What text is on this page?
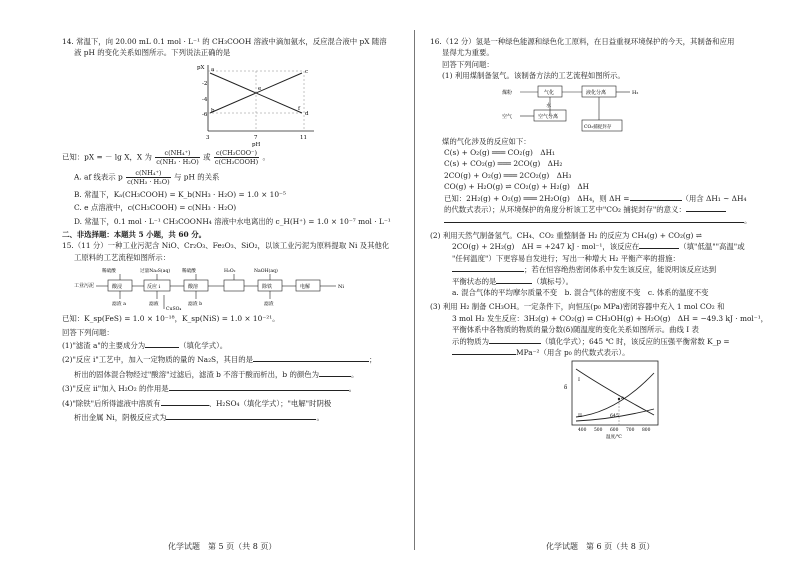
14. 常温下，向 20.00 mL 0.1 mol · L⁻¹ 的 CH₃COOH 溶液中滴加氨水，反应混合液中 pX 随溶
液 pH 的变化关系如图所示。下列说法正确的是
-2
-4
-6
a
b
c
d
e
f
3	7	11
pH
pX
已知：pX = － lg X，X 为 $\frac{\text{c(NH₄⁺)}}{\text{c(NH₃ · H₂O)}}$ 或 $\frac{\text{c(CH₃COO⁻)}}{\text{c(CH₃COOH)}}$ 。
A. af 线表示 p $\frac{\text{c(NH₄⁺)}}{\text{c(NH₃ · H₂O)}}$ 与 pH 的关系
B. 常温下，Kₐ(CH₃COOH) = K_b(NH₃ · H₂O) = 1.0 × 10⁻⁵
C. e 点溶液中，c(CH₃COOH) = c(NH₃ · H₂O)
D. 常温下，0.1 mol · L⁻¹ CH₃COONH₄ 溶液中水电离出的 c_H(H⁺) = 1.0 × 10⁻⁷ mol · L⁻¹
二、非选择题：本题共 5 小题，共 60 分。
15.（11 分）一种工业污泥含 NiO、Cr₂O₃、Fe₂O₃、SiO₂，以该工业污泥为原料提取 Ni 及其他化
工原料的工艺流程如图所示：
工业污泥	酸浸
稀硫酸
滤渣 a
反应 i
过量Na₂S(aq)
滤液
酸溶
稀硫酸
滤渣 b
CuSO₄
H₂O₂
除铁
NaOH(aq)
滤渣
电解	Ni
已知：K_sp(FeS) = 1.0 × 10⁻¹⁸，K_sp(NiS) = 1.0 × 10⁻²¹。
回答下列问题：
(1)"滤渣 a"的主要成分为	（填化学式）。
(2)"反应 i"工艺中，加入一定物质的量的 Na₂S，其目的是	；
析出的固体混合物经过"酸溶"过滤后，滤渣 b 不溶于酸而析出，b 的颜色为	。
(3)"反应 ii"加入 H₂O₂ 的作用是	。
(4)"除铁"后所得滤液中溶质有	、H₂SO₄（填化学式）；"电解"时阴极
析出金属 Ni，阴极反应式为	。
化学试题　第 5 页（共 8 页）
16.（12 分）氢是一种绿色能源和绿色化工原料，在日益重视环境保护的今天，其制备和应用
显得尤为重要。
回答下列问题：
(1) 利用煤制备氢气。该制备方法的工艺流程如图所示。
煤粉	气化	液化分离	H₂
水
空气	空气分离
CO₂捕捉封存
煤的气化涉及的反应如下：
C(s) + O₂(g) ═══ CO₂(g)　ΔH₁
C(s) + CO₂(g) ═══ 2CO(g)　ΔH₂
2CO(g) + O₂(g) ═══ 2CO₂(g)　ΔH₃
CO(g) + H₂O(g) ⇌ CO₂(g) + H₂(g)　ΔH
已知：2H₂(g) + O₂(g) ═══ 2H₂O(g)　ΔH₄，则 ΔH =	（用含 ΔH₁ ~ ΔH₄
的代数式表示）；从环境保护的角度分析该工艺中"CO₂ 捕捉封存"的意义：
。
(2) 利用天然气制备氢气。CH₄、CO₂ 重整制备 H₂ 的反应为 CH₄(g) + CO₂(g) ⇌
2CO(g) + 2H₂(g)　ΔH = +247 kJ · mol⁻¹，该反应在	（填"低温""高温"或
"任何温度"）下更容易自发进行；写出一种增大 H₂ 平衡产率的措施：
；若在恒容绝热密闭体系中发生该反应，能说明该反应达到
平衡状态的是	（填标号）。
a. 混合气体的平均摩尔质量不变　b. 混合气体的密度不变　c. 体系的温度不变
(3) 利用 H₂ 制备 CH₃OH。一定条件下，向恒压(p₀ MPa)密闭容器中充入 1 mol CO₂ 和
3 mol H₂ 发生反应：3H₂(g) + CO₂(g) ⇌ CH₃OH(g) + H₂O(g)　ΔH = −49.3 kJ · mol⁻¹，
平衡体系中各物质的物质的量分数(δ)随温度的变化关系如图所示。曲线 I 表
示的物质为	（填化学式）；645 ℃ 时，该反应的压强平衡常数 K_p =
MPa⁻²（用含 p₀ 的代数式表示）。
a
δ
I
II	645
400 500 600 700 800
温度/℃
化学试题　第 6 页（共 8 页）
